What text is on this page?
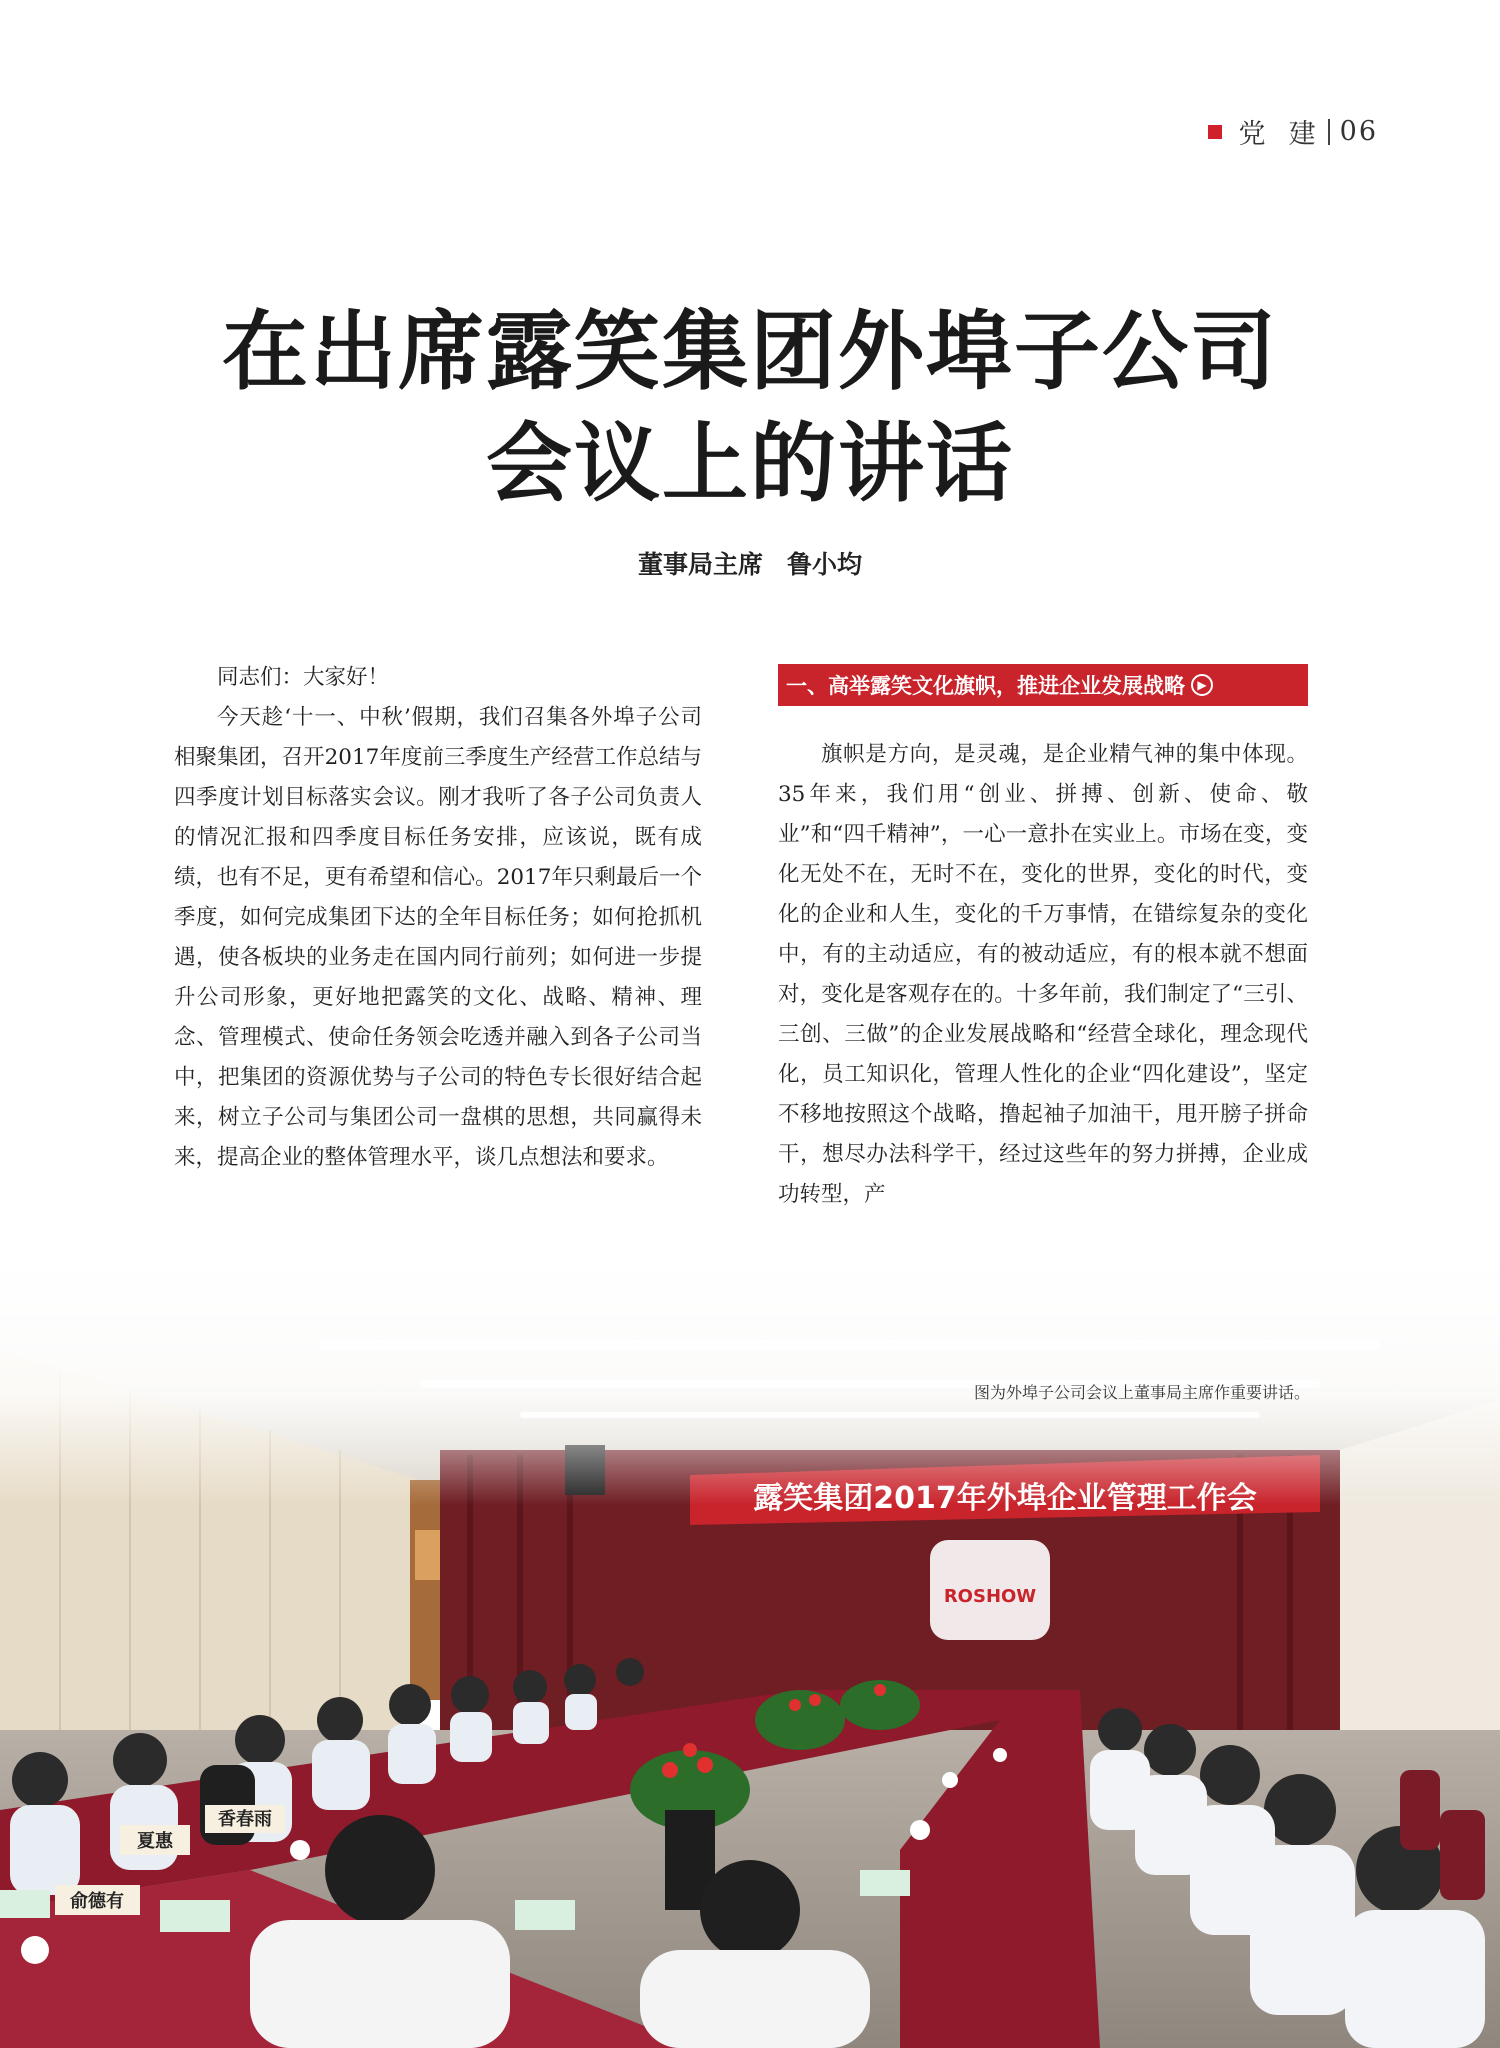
党  建 06
在出席露笑集团外埠子公司
会议上的讲话
董事局主席 鲁小均

同志们：大家好！

今天趁‘十一、中秋’假期，我们召集各外埠子公司相聚集团，召开2017年度前三季度生产经营工作总结与四季度计划目标落实会议。刚才我听了各子公司负责人的情况汇报和四季度目标任务安排，应该说，既有成绩，也有不足，更有希望和信心。2017年只剩最后一个季度，如何完成集团下达的全年目标任务；如何抢抓机遇，使各板块的业务走在国内同行前列；如何进一步提升公司形象，更好地把露笑的文化、战略、精神、理念、管理模式、使命任务领会吃透并融入到各子公司当中，把集团的资源优势与子公司的特色专长很好结合起来，树立子公司与集团公司一盘棋的思想，共同赢得未来，提高企业的整体管理水平，谈几点想法和要求。

一、高举露笑文化旗帜，推进企业发展战略	▶

旗帜是方向，是灵魂，是企业精气神的集中体现。35年来，我们用“创业、拼搏、创新、使命、敬业”和“四千精神”，一心一意扑在实业上。市场在变，变化无处不在，无时不在，变化的世界，变化的时代，变化的企业和人生，变化的千万事情，在错综复杂的变化中，有的主动适应，有的被动适应，有的根本就不想面对，变化是客观存在的。十多年前，我们制定了“三引、三创、三做”的企业发展战略和“经营全球化，理念现代化，员工知识化，管理人性化的企业“四化建设”，坚定不移地按照这个战略，撸起袖子加油干，甩开膀子拼命干，想尽办法科学干，经过这些年的努力拼搏，企业成功转型，产

图为外埠子公司会议上董事局主席作重要讲话。
